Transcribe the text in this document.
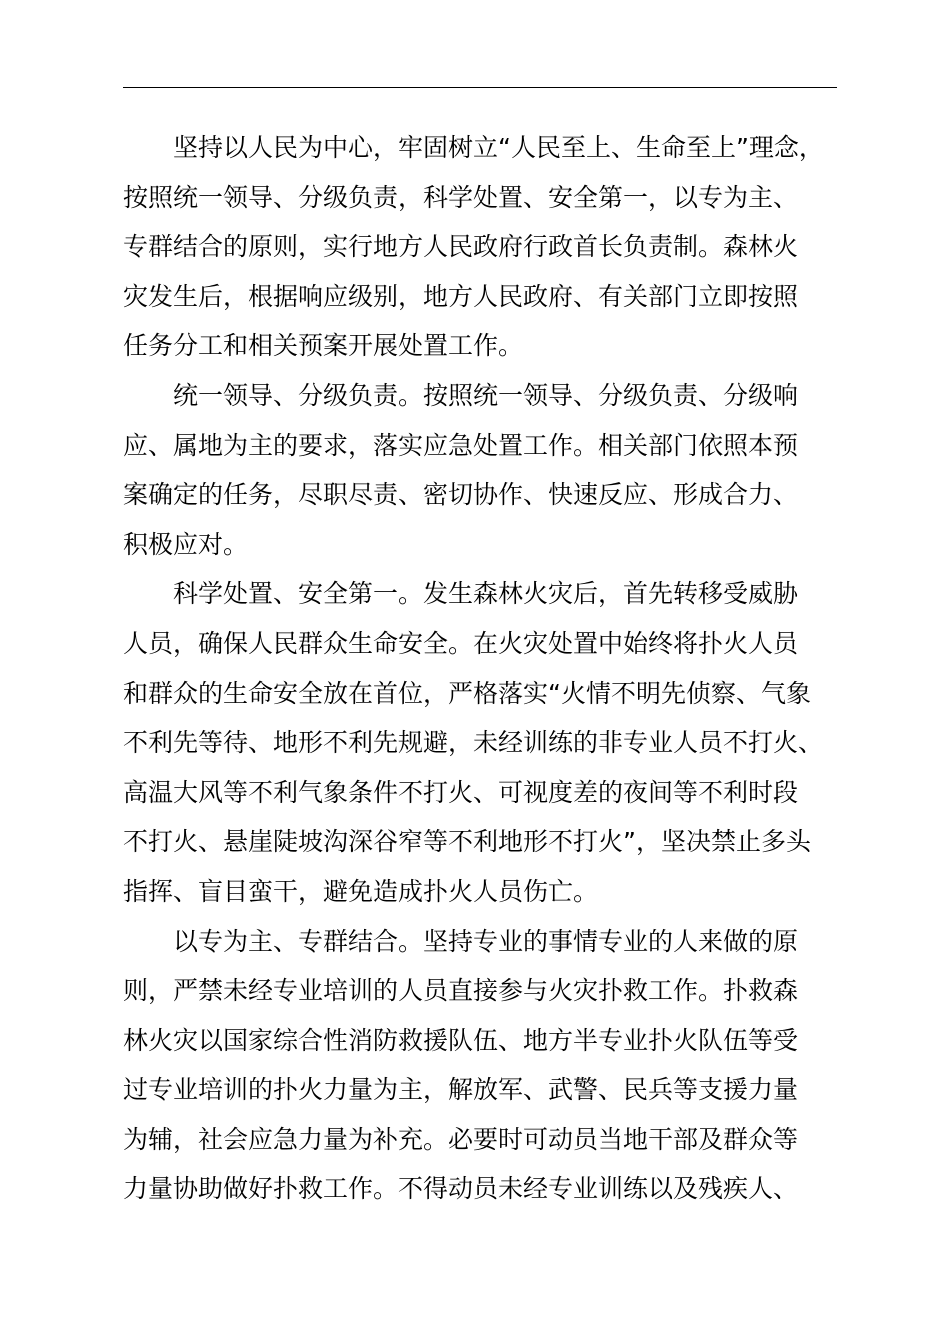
坚持以人民为中心，牢固树立“人民至上、生命至上”理念，
按照统一领导、分级负责，科学处置、安全第一，以专为主、
专群结合的原则，实行地方人民政府行政首长负责制。森林火
灾发生后，根据响应级别，地方人民政府、有关部门立即按照
任务分工和相关预案开展处置工作。
统一领导、分级负责。按照统一领导、分级负责、分级响
应、属地为主的要求，落实应急处置工作。相关部门依照本预
案确定的任务，尽职尽责、密切协作、快速反应、形成合力、
积极应对。
科学处置、安全第一。发生森林火灾后，首先转移受威胁
人员，确保人民群众生命安全。在火灾处置中始终将扑火人员
和群众的生命安全放在首位，严格落实“火情不明先侦察、气象
不利先等待、地形不利先规避，未经训练的非专业人员不打火、
高温大风等不利气象条件不打火、可视度差的夜间等不利时段
不打火、悬崖陡坡沟深谷窄等不利地形不打火”，坚决禁止多头
指挥、盲目蛮干，避免造成扑火人员伤亡。
以专为主、专群结合。坚持专业的事情专业的人来做的原
则，严禁未经专业培训的人员直接参与火灾扑救工作。扑救森
林火灾以国家综合性消防救援队伍、地方半专业扑火队伍等受
过专业培训的扑火力量为主，解放军、武警、民兵等支援力量
为辅，社会应急力量为补充。必要时可动员当地干部及群众等
力量协助做好扑救工作。不得动员未经专业训练以及残疾人、
